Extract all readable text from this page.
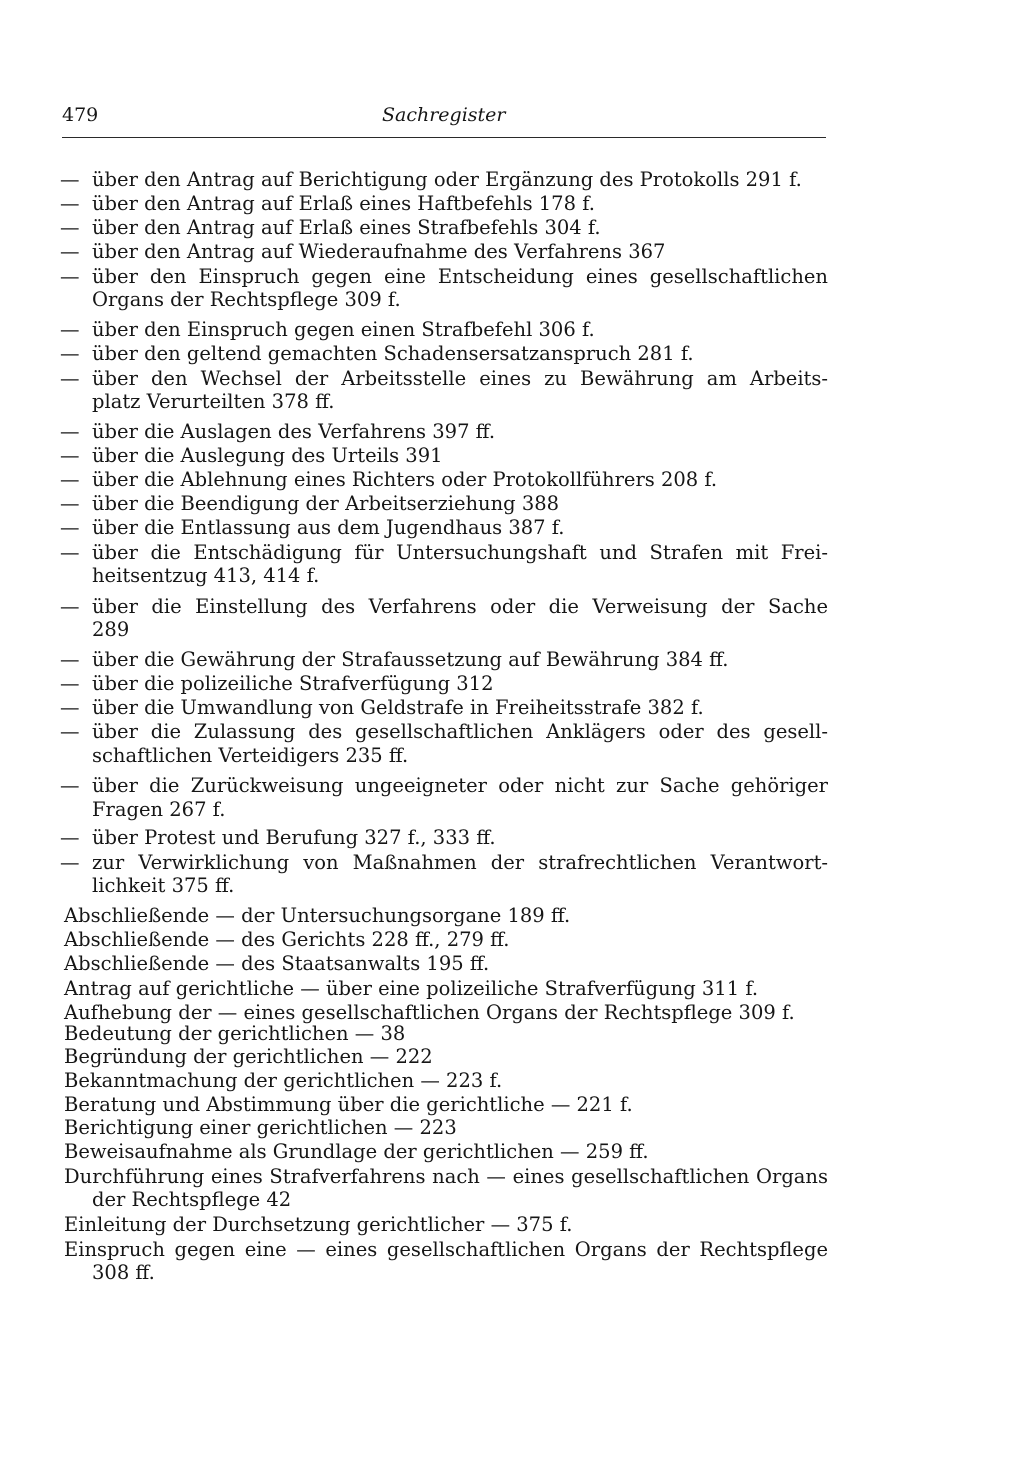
479	Sachregister
— über den Antrag auf Berichtigung oder Ergänzung des Protokolls 291 f.
— über den Antrag auf Erlaß eines Haftbefehls 178 f.
— über den Antrag auf Erlaß eines Strafbefehls 304 f.
— über den Antrag auf Wiederaufnahme des Verfahrens 367
— über den Einspruch gegen eine Entscheidung eines gesellschaftlichen
Organs der Rechtspflege 309 f.
— über den Einspruch gegen einen Strafbefehl 306 f.
— über den geltend gemachten Schadensersatzanspruch 281 f.
— über den Wechsel der Arbeitsstelle eines zu Bewährung am Arbeits-
platz Verurteilten 378 ff.
— über die Auslagen des Verfahrens 397 ff.
— über die Auslegung des Urteils 391
— über die Ablehnung eines Richters oder Protokollführers 208 f.
— über die Beendigung der Arbeitserziehung 388
— über die Entlassung aus dem Jugendhaus 387 f.
— über die Entschädigung für Untersuchungshaft und Strafen mit Frei-
heitsentzug 413, 414 f.
— über die Einstellung des Verfahrens oder die Verweisung der Sache
289
— über die Gewährung der Strafaussetzung auf Bewährung 384 ff.
— über die polizeiliche Strafverfügung 312
— über die Umwandlung von Geldstrafe in Freiheitsstrafe 382 f.
— über die Zulassung des gesellschaftlichen Anklägers oder des gesell-
schaftlichen Verteidigers 235 ff.
— über die Zurückweisung ungeeigneter oder nicht zur Sache gehöriger
Fragen 267 f.
— über Protest und Berufung 327 f., 333 ff.
— zur Verwirklichung von Maßnahmen der strafrechtlichen Verantwort-
lichkeit 375 ff.
Abschließende — der Untersuchungsorgane 189 ff.
Abschließende — des Gerichts 228 ff., 279 ff.
Abschließende — des Staatsanwalts 195 ff.
Antrag auf gerichtliche — über eine polizeiliche Strafverfügung 311 f.
Aufhebung der — eines gesellschaftlichen Organs der Rechtspflege 309 f.
Bedeutung der gerichtlichen — 38
Begründung der gerichtlichen — 222
Bekanntmachung der gerichtlichen — 223 f.
Beratung und Abstimmung über die gerichtliche — 221 f.
Berichtigung einer gerichtlichen — 223
Beweisaufnahme als Grundlage der gerichtlichen — 259 ff.
Durchführung eines Strafverfahrens nach — eines gesellschaftlichen Organs
der Rechtspflege 42
Einleitung der Durchsetzung gerichtlicher — 375 f.
Einspruch gegen eine — eines gesellschaftlichen Organs der Rechtspflege
308 ff.
